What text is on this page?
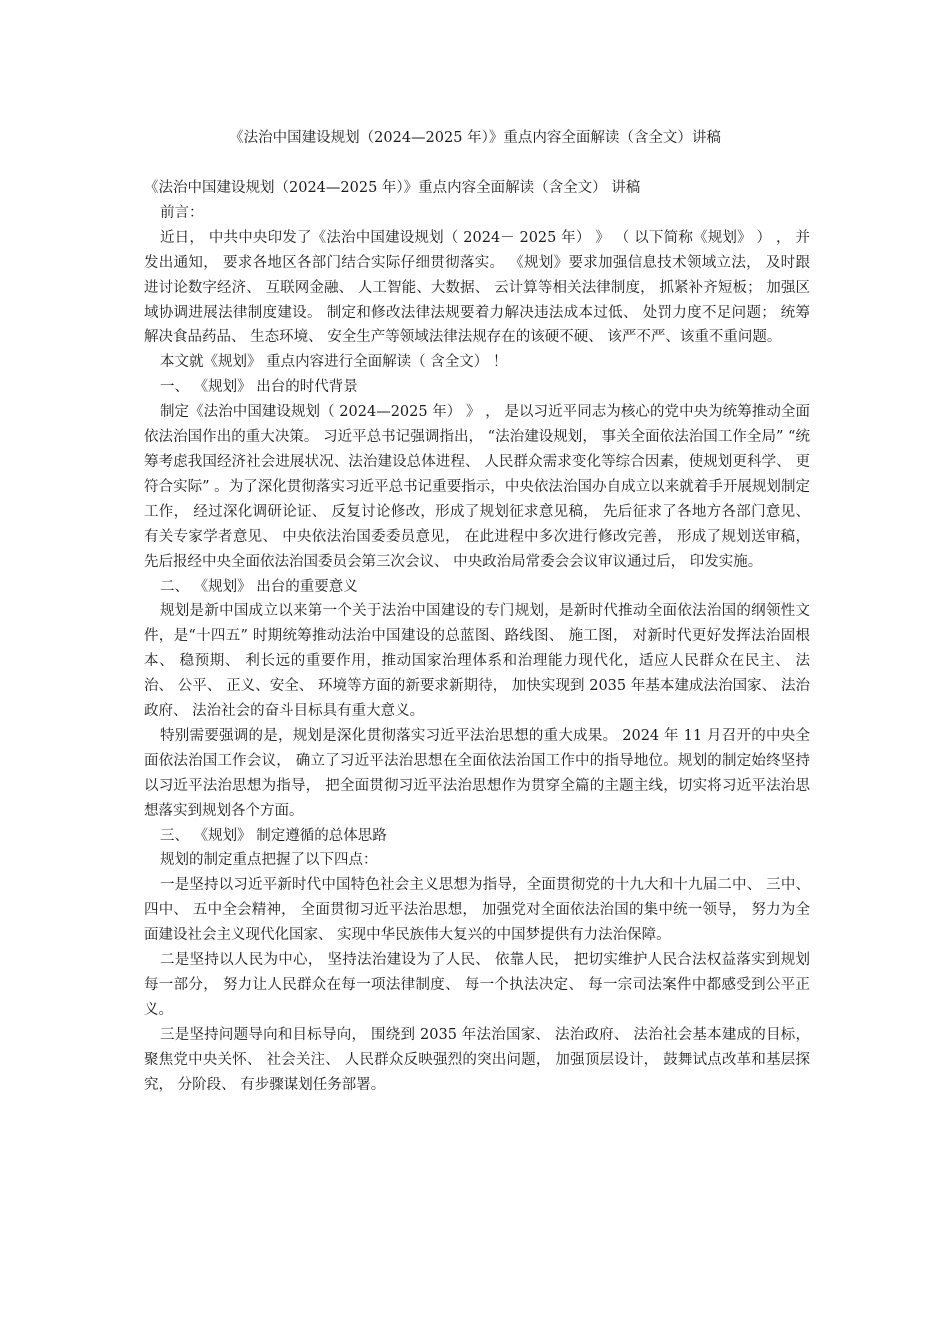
《法治中国建设规划（2024—2025 年）》重点内容全面解读（含全文）讲稿

《法治中国建设规划（2024—2025 年）》重点内容全面解读（含全文） 讲稿

前言：

近日， 中共中央印发了《法治中国建设规划（ 2024－ 2025 年） 》 （ 以下简称《规划》 ） ， 并发出通知， 要求各地区各部门结合实际仔细贯彻落实。 《规划》要求加强信息技术领域立法， 及时跟进讨论数字经济、 互联网金融、 人工智能、大数据、 云计算等相关法律制度， 抓紧补齐短板； 加强区域协调进展法律制度建设。 制定和修改法律法规要着力解决违法成本过低、 处罚力度不足问题； 统筹解决食品药品、 生态环境、 安全生产等领域法律法规存在的该硬不硬、 该严不严、该重不重问题。

本文就《规划》 重点内容进行全面解读（ 含全文） ！

一、 《规划》 出台的时代背景

制定《法治中国建设规划（ 2024—2025 年） 》 ， 是以习近平同志为核心的党中央为统筹推动全面依法治国作出的重大决策。 习近平总书记强调指出， “法治建设规划， 事关全面依法治国工作全局” “统筹考虑我国经济社会进展状况、法治建设总体进程、 人民群众需求变化等综合因素，使规划更科学、 更符合实际” 。为了深化贯彻落实习近平总书记重要指示，中央依法治国办自成立以来就着手开展规划制定工作， 经过深化调研论证、 反复讨论修改，形成了规划征求意见稿， 先后征求了各地方各部门意见、 有关专家学者意见、 中央依法治国委委员意见， 在此进程中多次进行修改完善， 形成了规划送审稿， 先后报经中央全面依法治国委员会第三次会议、 中央政治局常委会会议审议通过后， 印发实施。

二、 《规划》 出台的重要意义

规划是新中国成立以来第一个关于法治中国建设的专门规划，是新时代推动全面依法治国的纲领性文件，是“十四五” 时期统筹推动法治中国建设的总蓝图、路线图、 施工图， 对新时代更好发挥法治固根本、 稳预期、 利长远的重要作用，推动国家治理体系和治理能力现代化，适应人民群众在民主、 法治、 公平、 正义、安全、 环境等方面的新要求新期待， 加快实现到 2035 年基本建成法治国家、 法治政府、 法治社会的奋斗目标具有重大意义。

特别需要强调的是，规划是深化贯彻落实习近平法治思想的重大成果。 2024 年 11 月召开的中央全面依法治国工作会议， 确立了习近平法治思想在全面依法治国工作中的指导地位。规划的制定始终坚持以习近平法治思想为指导， 把全面贯彻习近平法治思想作为贯穿全篇的主题主线，切实将习近平法治思想落实到规划各个方面。

三、 《规划》 制定遵循的总体思路

规划的制定重点把握了以下四点：

一是坚持以习近平新时代中国特色社会主义思想为指导，全面贯彻党的十九大和十九届二中、 三中、 四中、 五中全会精神， 全面贯彻习近平法治思想， 加强党对全面依法治国的集中统一领导， 努力为全面建设社会主义现代化国家、 实现中华民族伟大复兴的中国梦提供有力法治保障。

二是坚持以人民为中心， 坚持法治建设为了人民、 依靠人民， 把切实维护人民合法权益落实到规划每一部分， 努力让人民群众在每一项法律制度、 每一个执法决定、 每一宗司法案件中都感受到公平正义。

三是坚持问题导向和目标导向， 围绕到 2035 年法治国家、 法治政府、 法治社会基本建成的目标， 聚焦党中央关怀、 社会关注、 人民群众反映强烈的突出问题， 加强顶层设计， 鼓舞试点改革和基层探究， 分阶段、 有步骤谋划任务部署。
